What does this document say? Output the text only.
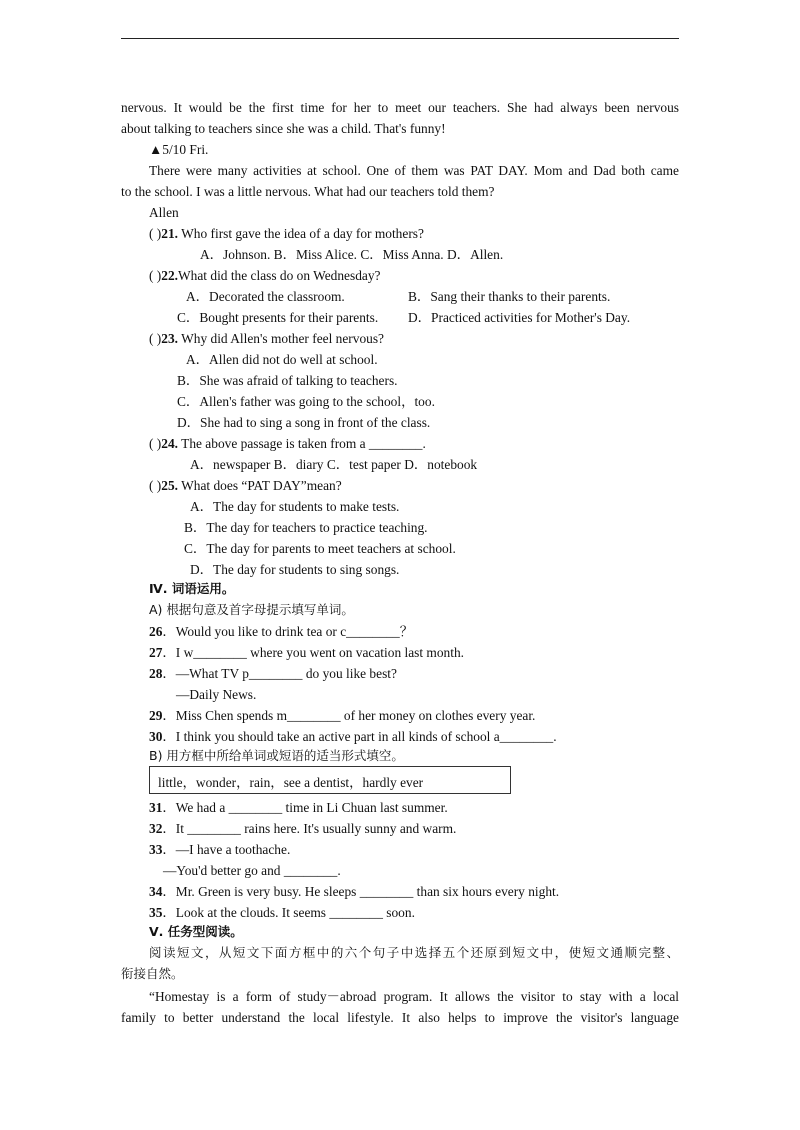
nervous. It would be the first time for her to meet our teachers. She had always been nervous
about talking to teachers since she was a child. That's funny!
▲5/10 Fri.
There were many activities at school. One of them was PAT DAY. Mom and Dad both came
to the school. I was a little nervous. What had our teachers told them?
Allen
( )21. Who first gave the idea of a day for mothers?
A．Johnson. B．Miss Alice. C．Miss Anna. D．Allen.
( )22.What did the class do on Wednesday?
A．Decorated the classroom.	B．Sang their thanks to their parents.
C．Bought presents for their parents. D．Practiced activities for Mother's Day.
( )23. Why did Allen's mother feel nervous?
A．Allen did not do well at school.
B．She was afraid of talking to teachers.
C．Allen's father was going to the school，too.
D．She had to sing a song in front of the class.
( )24. The above passage is taken from a ________.
A．newspaper B．diary C．test paper D．notebook
( )25. What does “PAT DAY”mean?
A．The day for students to make tests.
B．The day for teachers to practice teaching.
C．The day for parents to meet teachers at school.
D．The day for students to sing songs.
Ⅳ. 词语运用。
A) 根据句意及首字母提示填写单词。
26．Would you like to drink tea or c________？
27．I w________ where you went on vacation last month.
28．—What TV p________ do you like best?
—Daily News.
29．Miss Chen spends m________ of her money on clothes every year.
30．I think you should take an active part in all kinds of school a________.
B) 用方框中所给单词或短语的适当形式填空。
little，wonder，rain，see a dentist，hardly ever
31．We had a ________ time in Li Chuan last summer.
32．It ________ rains here. It's usually sunny and warm.
33．—I have a toothache.
—You'd better go and ________.
34．Mr. Green is very busy. He sleeps ________ than six hours every night.
35．Look at the clouds. It seems ________ soon.
Ⅴ. 任务型阅读。
阅读短文，从短文下面方框中的六个句子中选择五个还原到短文中，使短文通顺完整、
衔接自然。
“Homestay is a form of study－abroad program. It allows the visitor to stay with a local
family to better understand the local lifestyle. It also helps to improve the visitor's language
